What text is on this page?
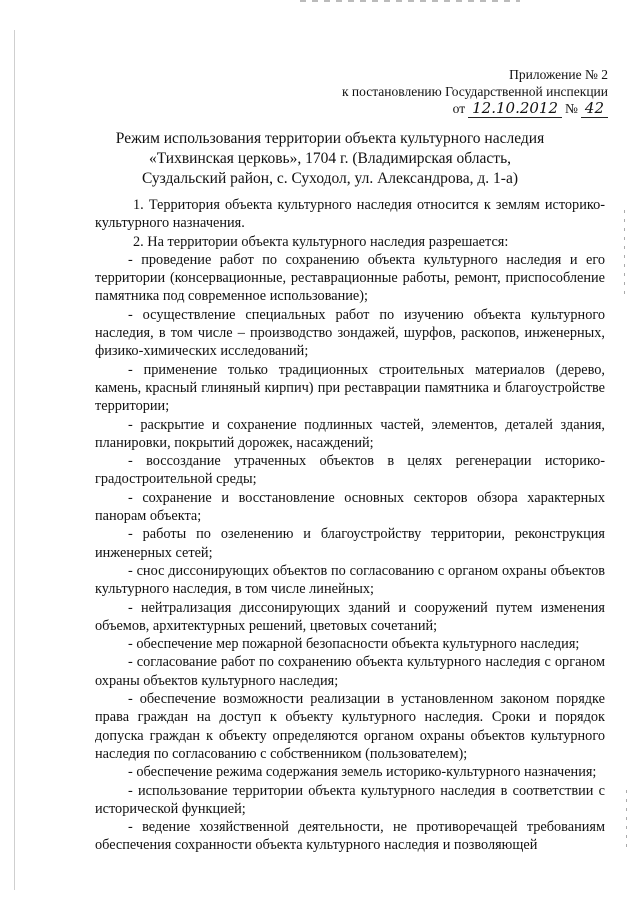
Приложение № 2
к постановлению Государственной инспекции
от 12.10.2012 № 42
Режим использования территории объекта культурного наследия
«Тихвинская церковь», 1704 г. (Владимирская область,
Суздальский район, с. Суходол, ул. Александрова, д. 1-а)

1. Территория объекта культурного наследия относится к землям историко-культурного назначения.

2. На территории объекта культурного наследия разрешается:

- проведение работ по сохранению объекта культурного наследия и его территории (консервационные, реставрационные работы, ремонт, приспособление памятника под современное использование);

- осуществление специальных работ по изучению объекта культурного наследия, в том числе – производство зондажей, шурфов, раскопов, инженерных, физико-химических исследований;

- применение только традиционных строительных материалов (дерево, камень, красный глиняный кирпич) при реставрации памятника и благоустройстве территории;

- раскрытие и сохранение подлинных частей, элементов, деталей здания, планировки, покрытий дорожек, насаждений;

- воссоздание утраченных объектов в целях регенерации историко-градостроительной среды;

- сохранение и восстановление основных секторов обзора характерных панорам объекта;

- работы по озеленению и благоустройству территории, реконструкция инженерных сетей;

- снос диссонирующих объектов по согласованию с органом охраны объектов культурного наследия, в том числе линейных;

- нейтрализация диссонирующих зданий и сооружений путем изменения объемов, архитектурных решений, цветовых сочетаний;

- обеспечение мер пожарной безопасности объекта культурного наследия;

- согласование работ по сохранению объекта культурного наследия с органом охраны объектов культурного наследия;

- обеспечение возможности реализации в установленном законом порядке права граждан на доступ к объекту культурного наследия. Сроки и порядок допуска граждан к объекту определяются органом охраны объектов культурного наследия по согласованию с собственником (пользователем);

- обеспечение режима содержания земель историко-культурного назначения;

- использование территории объекта культурного наследия в соответствии с исторической функцией;

- ведение хозяйственной деятельности, не противоречащей требованиям обеспечения сохранности объекта культурного наследия и позволяющей
